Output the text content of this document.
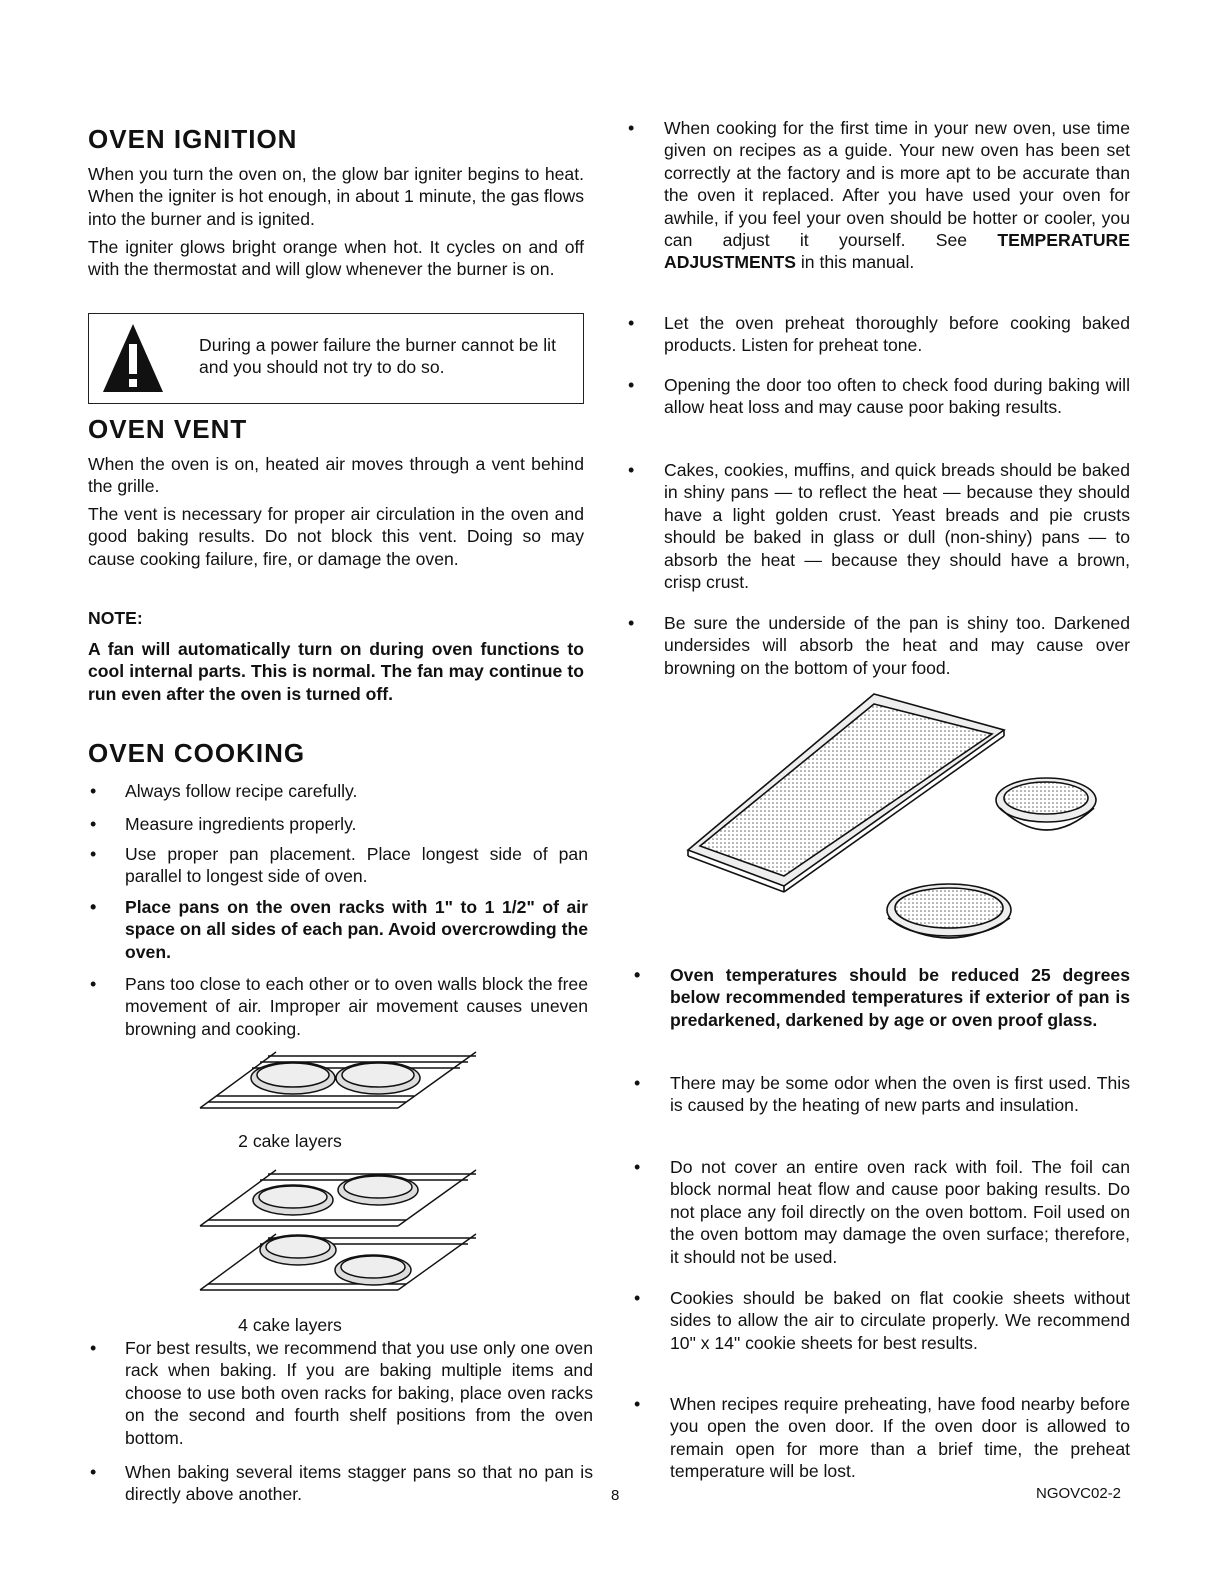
OVEN IGNITION

When you turn the oven on, the glow bar igniter begins to heat. When the igniter is hot enough, in about 1 minute, the gas flows into the burner and is ignited.

The igniter glows bright orange when hot. It cycles on and off with the thermostat and will glow whenever the burner is on.

During a power failure the burner cannot be lit and you should not try to do so.

OVEN VENT

When the oven is on, heated air moves through a vent behind the grille.

The vent is necessary for proper air circulation in the oven and good baking results. Do not block this vent. Doing so may cause cooking failure, fire, or damage the oven.

NOTE:

A fan will automatically turn on during oven functions to cool internal parts. This is normal. The fan may continue to run even after the oven is turned off.

OVEN COOKING
• Always follow recipe carefully.
• Measure ingredients properly.
• Use proper pan placement. Place longest side of pan parallel to longest side of oven.
• Place pans on the oven racks with 1" to 1 1/2" of air space on all sides of each pan. Avoid overcrowding the oven.
• Pans too close to each other or to oven walls block the free movement of air. Improper air movement causes uneven browning and cooking.

2 cake layers

4 cake layers

• For best results, we recommend that you use only one oven rack when baking. If you are baking multiple items and choose to use both oven racks for baking, place oven racks on the second and fourth shelf positions from the oven bottom.
• When baking several items stagger pans so that no pan is directly above another.
• When cooking for the first time in your new oven, use time given on recipes as a guide. Your new oven has been set correctly at the factory and is more apt to be accurate than the oven it replaced. After you have used your oven for awhile, if you feel your oven should be hotter or cooler, you can adjust it yourself. See TEMPERATURE ADJUSTMENTS in this manual.
• Let the oven preheat thoroughly before cooking baked products. Listen for preheat tone.
• Opening the door too often to check food during baking will allow heat loss and may cause poor baking results.
• Cakes, cookies, muffins, and quick breads should be baked in shiny pans — to reflect the heat — because they should have a light golden crust. Yeast breads and pie crusts should be baked in glass or dull (non-shiny) pans — to absorb the heat — because they should have a brown, crisp crust.
• Be sure the underside of the pan is shiny too. Darkened undersides will absorb the heat and may cause over browning on the bottom of your food.
• Oven temperatures should be reduced 25 degrees below recommended temperatures if exterior of pan is predarkened, darkened by age or oven proof glass.
• There may be some odor when the oven is first used. This is caused by the heating of new parts and insulation.
• Do not cover an entire oven rack with foil. The foil can block normal heat flow and cause poor baking results. Do not place any foil directly on the oven bottom. Foil used on the oven bottom may damage the oven surface; therefore, it should not be used.
• Cookies should be baked on flat cookie sheets without sides to allow the air to circulate properly. We recommend 10" x 14" cookie sheets for best results.
• When recipes require preheating, have food nearby before you open the oven door. If the oven door is allowed to remain open for more than a brief time, the preheat temperature will be lost.
8	NGOVC02-2
